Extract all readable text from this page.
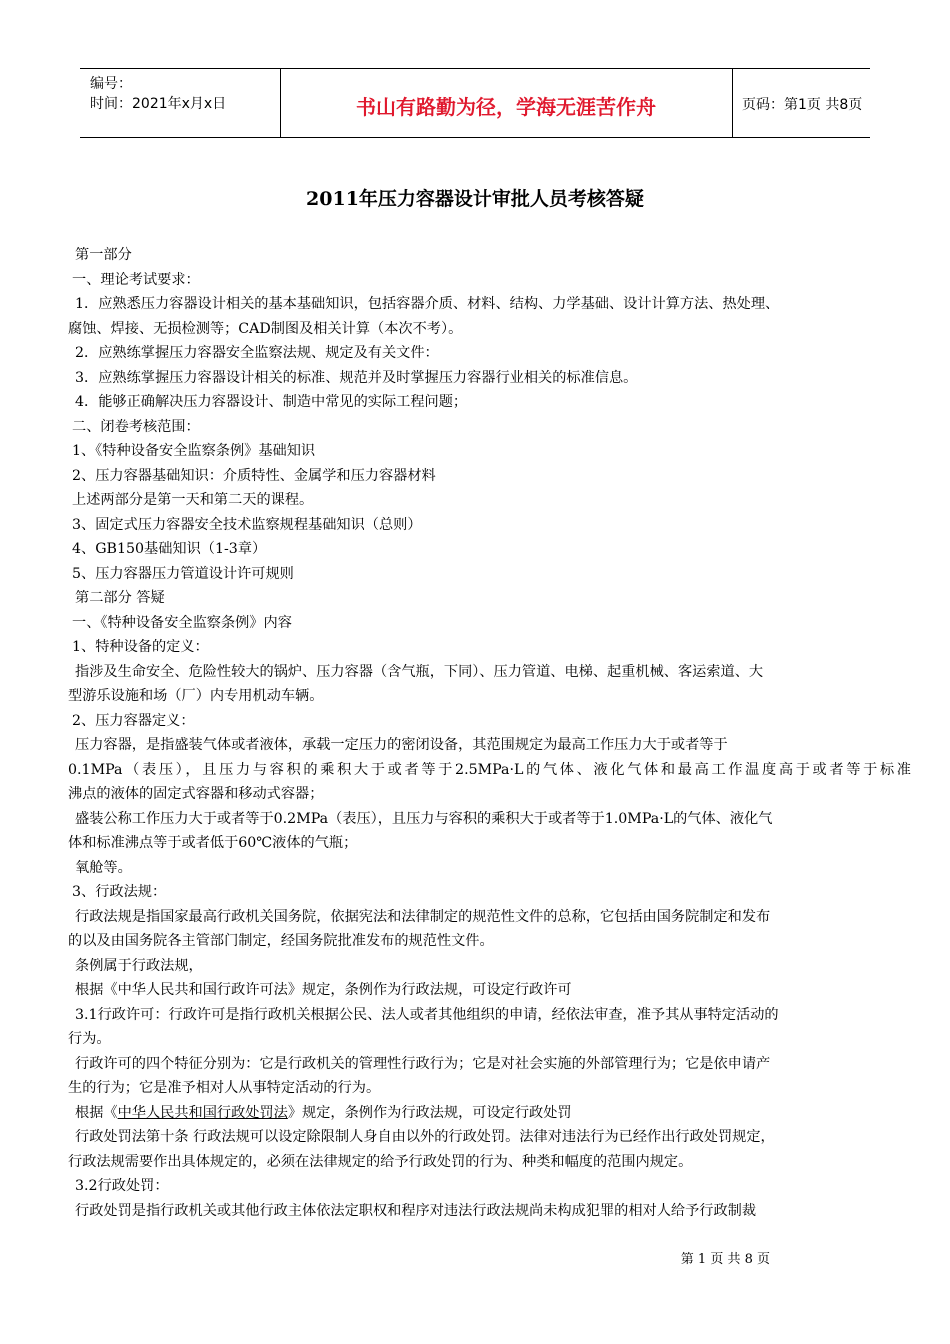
编号：
时间：2021年x月x日	书山有路勤为径，学海无涯苦作舟	页码：第1页 共8页
2011年压力容器设计审批人员考核答疑
第一部分
一、理论考试要求：
1．应熟悉压力容器设计相关的基本基础知识，包括容器介质、材料、结构、力学基础、设计计算方法、热处理、
腐蚀、焊接、无损检测等；CAD制图及相关计算（本次不考）。
2．应熟练掌握压力容器安全监察法规、规定及有关文件：
3．应熟练掌握压力容器设计相关的标准、规范并及时掌握压力容器行业相关的标准信息。
4．能够正确解决压力容器设计、制造中常见的实际工程问题；
二、闭卷考核范围：
1、《特种设备安全监察条例》基础知识
2、压力容器基础知识：介质特性、金属学和压力容器材料
上述两部分是第一天和第二天的课程。
3、固定式压力容器安全技术监察规程基础知识（总则）
4、GB150基础知识（1-3章）
5、压力容器压力管道设计许可规则
第二部分 答疑
一、《特种设备安全监察条例》内容
1、特种设备的定义：
指涉及生命安全、危险性较大的锅炉、压力容器（含气瓶，下同）、压力管道、电梯、起重机械、客运索道、大
型游乐设施和场（厂）内专用机动车辆。
2、压力容器定义：
压力容器，是指盛装气体或者液体，承载一定压力的密闭设备，其范围规定为最高工作压力大于或者等于
0.1MPa（表压），且压力与容积的乘积大于或者等于2.5MPa·L的气体、液化气体和最高工作温度高于或者等于标准
沸点的液体的固定式容器和移动式容器；
盛装公称工作压力大于或者等于0.2MPa（表压），且压力与容积的乘积大于或者等于1.0MPa·L的气体、液化气
体和标准沸点等于或者低于60℃液体的气瓶；
氧舱等。
3、行政法规：
行政法规是指国家最高行政机关国务院，依据宪法和法律制定的规范性文件的总称，它包括由国务院制定和发布
的以及由国务院各主管部门制定，经国务院批准发布的规范性文件。
条例属于行政法规，
根据《中华人民共和国行政许可法》规定，条例作为行政法规，可设定行政许可
3.1行政许可：行政许可是指行政机关根据公民、法人或者其他组织的申请，经依法审查，准予其从事特定活动的
行为。
行政许可的四个特征分别为：它是行政机关的管理性行政行为；它是对社会实施的外部管理行为；它是依申请产
生的行为；它是准予相对人从事特定活动的行为。
根据《中华人民共和国行政处罚法》规定，条例作为行政法规，可设定行政处罚
行政处罚法第十条 行政法规可以设定除限制人身自由以外的行政处罚。法律对违法行为已经作出行政处罚规定，
行政法规需要作出具体规定的，必须在法律规定的给予行政处罚的行为、种类和幅度的范围内规定。
3.2行政处罚：
行政处罚是指行政机关或其他行政主体依法定职权和程序对违法行政法规尚未构成犯罪的相对人给予行政制裁
第 1 页 共 8 页
